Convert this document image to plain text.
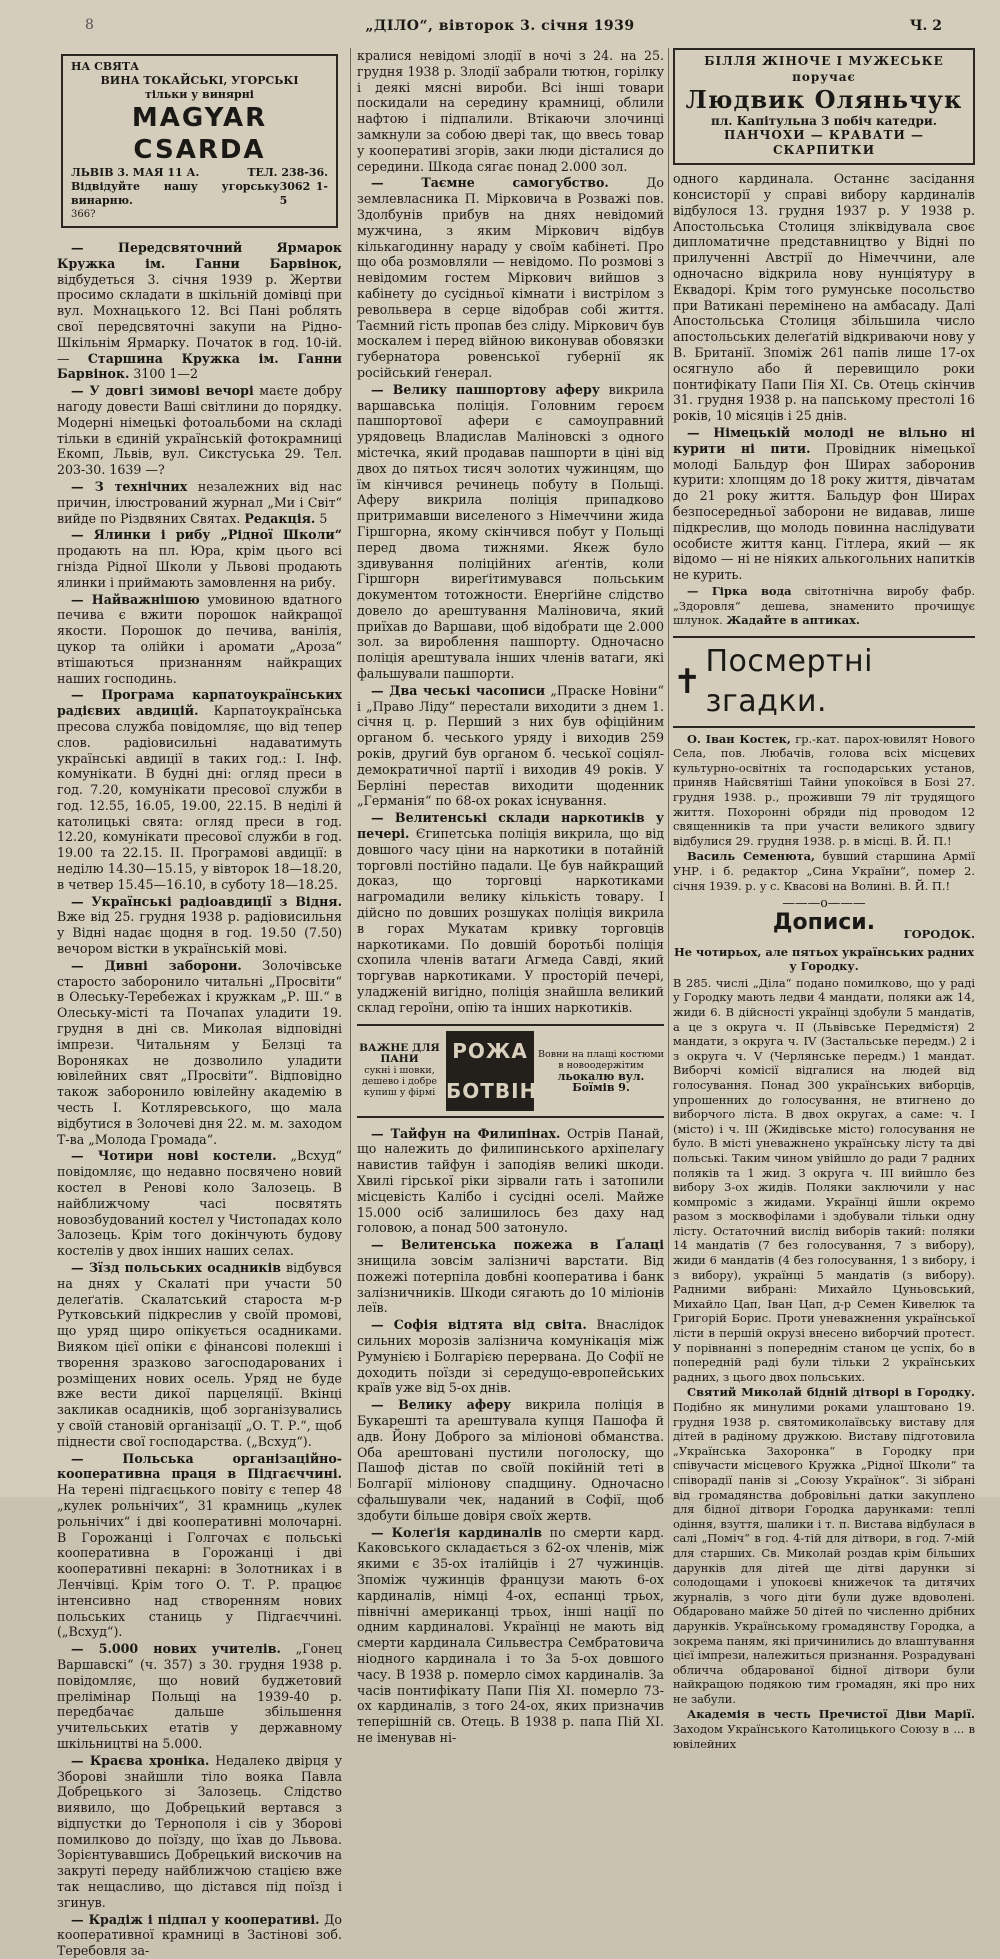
8	„ДІЛО“, вівторок 3. січня 1939	Ч. 2
НА СВЯТА
ВИНА ТОКАЙСЬКІ, УГОРСЬКІ
тільки у винярні
MAGYAR CSARDA
ЛЬВІВ 3. МАЯ 11 А.	ТЕЛ. 238-36.
Відвідуйте нашу угорську винарню.
3062 1-5
366?

— Передсвяточний Ярмарок Кружка ім. Ганни Барвінок, відбудеться 3. січня 1939 р. Жертви просимо складати в шкільній домівці при вул. Мохнацького 12. Всі Пані роблять свої передсвяточні закупи на Рідно-Шкільнім Ярмарку. Початок в год. 10-ій. — Старшина Кружка ім. Ганни Барвінок. 3100 1—2

— У довгі зимові вечорі маєте добру нагоду довести Ваші світлини до порядку. Модерні німецькі фотоальбоми на складі тільки в єдиній українській фотокрамниці Екомп, Львів, вул. Сикстуська 29. Тел. 203-30. 1639 —?

— З технічних незалежних від нас причин, ілюстрований журнал „Ми і Світ“ вийде по Різдвяних Святах. Редакція. 5

— Ялинки і рибу „Рідної Школи“ продають на пл. Юра, крім цього всі гнізда Рідної Школи у Львові продають ялинки і приймають замовлення на рибу.

— Найважнішою умовиною вдатного печива є вжити порошок найкращої якости. Порошок до печива, ванілія, цукор та олійки і аромати „Ароза“ втішаються признанням найкращих наших господинь.

— Програма карпатоукраїнських радієвих авдицій. Карпатоукраїнська пресова служба повідомляє, що від тепер слов. радіовисильні надаватимуть українські авдиції в таких год.: І. Інф. комунікати. В будні дні: огляд преси в год. 7.20, комунікати пресової служби в год. 12.55, 16.05, 19.00, 22.15. В неділі й католицькі свята: огляд преси в год. 12.20, комунікати пресової служби в год. 19.00 та 22.15. ІІ. Програмові авдиції: в неділю 14.30—15.15, у вівторок 18—18.20, в четвер 15.45—16.10, в суботу 18—18.25.

— Українські радіоавдиції з Відня. Вже від 25. грудня 1938 р. радіовисильня у Відні надає щодня в год. 19.50 (7.50) вечором вістки в українській мові.

— Дивні заборони. Золочівське старосто заборонило читальні „Просвіти“ в Олеську-Теребежах і кружкам „Р. Ш.“ в Олеську-місті та Почапах уладити 19. грудня в дні св. Миколая відповідні імпрези. Читальням у Белзці та Вороняках не дозволило уладити ювілейних свят „Просвіти“. Відповідно також заборонило ювілейну академію в честь І. Котляревського, що мала відбутися в Золочеві дня 22. м. м. заходом Т-ва „Молода Громада“.

— Чотири нові костели. „Всхуд“ повідомляє, що недавно посвячено новий костел в Ренові коло Залозець. В найближчому часі посвятять новозбудований костел у Чистопадах коло Залозець. Крім того докінчують будову костелів у двох інших наших селах.

— Зїзд польських осадників відбувся на днях у Скалаті при участи 50 делеґатів. Скалатський староста м-р Рутковський підкреслив у своїй промові, що уряд щиро опікується осадниками. Вияком цієї опіки є фінансові полекші і творення зразково загосподарованих і розміщених нових осель. Уряд не буде вже вести дикої парцеляції. Вкінці закликав осадників, щоб зорганізувались у своїй становій організації „О. Т. Р.“, щоб піднести свої господарства. („Всхуд“).

— Польська організаційно-кооперативна праця в Підгаєччині. На терені підгаєцького повіту є тепер 48 „кулек рольнічих“, 31 крамниць „кулек рольнічих“ і дві кооперативні молочарні. В Горожанці і Голгочах є польські кооперативна в Горожанці і дві кооперативні пекарні: в Золотниках і в Ленчівці. Крім того О. Т. Р. працює інтенсивно над створенням нових польських станиць у Підгаєччині. („Всхуд“).

— 5.000 нових учителів. „Гонец Варшавскі“ (ч. 357) з 30. грудня 1938 р. повідомляє, що новий буджетовий прелімінар Польщі на 1939-40 р. передбачає дальше збільшення учительських етатів у державному шкільництві на 5.000.

— Краєва хроніка. Недалеко двірця у Зборові знайшли тіло вояка Павла Добрецького зі Залозець. Слідство виявило, що Добрецький вертався з відпустки до Тернополя і сів у Зборові помилково до поїзду, що їхав до Львова. Зорієнтувавшись Добрецький вискочив на закруті переду найближчою стацією вже так нещасливо, що дістався під поїзд і згинув.

— Крадіж і підпал у кооперативі. До кооперативної крамниці в Застінові зоб. Теребовля за-

кралися невідомі злодії в ночі з 24. на 25. грудня 1938 р. Злодії забрали тютюн, горілку і деякі мясні вироби. Всі інші товари поскидали на середину крамниці, облили нафтою і підпалили. Втікаючи злочинці замкнули за собою двері так, що ввесь товар у кооперативі згорів, заки люди дісталися до середини. Шкода сягає понад 2.000 зол.

— Таємне самогубство. До землевласника П. Мірковича в Розважі пов. Здолбунів прибув на днях невідомий мужчина, з яким Міркович відбув кількагодинну нараду у своїм кабінеті. Про що оба розмовляли — невідомо. По розмові з невідомим гостем Міркович вийшов з кабінету до сусідньої кімнати і вистрілом з револьвера в серце відобрав собі життя. Таємний гість пропав без сліду. Міркович був москалем і перед війною виконував обовязки губернатора ровенської губернії як російський ґенерал.

— Велику пашпортову аферу викрила варшавська поліція. Головним героєм пашпортової афери є самоуправний урядовець Владислав Маліновскі з одного містечка, який продавав пашпорти в ціні від двох до пятьох тисяч золотих чужинцям, що їм кінчився речинець побуту в Польщі. Аферу викрила поліція припадково притримавши виселеного з Німеччини жида Гіршгорна, якому скінчився побут у Польщі перед двома тижнями. Якеж було здивування поліційних аґентів, коли Гіршгорн виреґітимувався польським документом тотожности. Енерґійне слідство довело до арештування Маліновича, який приїхав до Варшави, щоб відобрати ще 2.000 зол. за вироблення пашпорту. Одночасно поліція арештувала інших членів ватаги, які фальшували пашпорти.

— Два чеські часописи „Праске Новіни“ і „Право Ліду“ перестали виходити з днем 1. січня ц. р. Перший з них був офіційним органом б. чеського уряду і виходив 259 років, другий був органом б. чеської соціял-демократичної партії і виходив 49 років. У Берліні перестав виходити щоденник „Германія“ по 68-ох роках існування.

— Велитенські склади наркотиків у печері. Єгипетська поліція викрила, що від довшого часу ціни на наркотики в потайній торговлі постійно падали. Це був найкращий доказ, що торговці наркотиками нагромадили велику кількість товару. І дійсно по довших розшуках поліція викрила в горах Мукатам кривку торговців наркотиками. По довшій боротьбі поліція схопила членів ватаги Агмеда Савді, який торгував наркотиками. У просторій печері, уладженій вигідно, поліція знайшла великий склад героїни, опію та інших наркотиків.

ВАЖНЕ ДЛЯ ПАНИ
сукні і шовки, дешево і добре купиш у фірмі
РОЖА БОТВІН
Вовни на плащі костюми в новоодержітим
льокалю вул. Боїмів 9.

— Тайфун на Филипінах. Острів Панай, що належить до филипинського архіпелагу навистив тайфун і заподіяв великі шкоди. Хвилі гірської ріки зірвали гать і затопили місцевість Калібо і сусідні оселі. Майже 15.000 осіб залишилось без даху над головою, а понад 500 затонуло.

— Велитенська пожежа в Ґалаці знищила зовсім залізничі варстати. Від пожежі потерпіла довбні кооператива і банк залізничників. Шкоди сягають до 10 міліонів леїв.

— Софія відтята від світа. Внаслідок сильних морозів залізнича комунікація між Румунією і Болгарією перервана. До Софії не доходить поїзди зі середущо-европейських країв уже від 5-ох днів.

— Велику аферу викрила поліція в Букарешті та арештувала купця Пашофа й адв. Йону Доброго за міліонові обманства. Оба арештовані пустили поголоску, що Пашоф дістав по своїй покійній теті в Болгарії міліонову спадщину. Одночасно сфальшували чек, наданий в Софії, щоб здобути більше довіря своїх жертв.

— Колеґія кардиналів по смерти кард. Каковського складається з 62-ох членів, між якими є 35-ох італійців і 27 чужинців. Зпоміж чужинців французи мають 6-ох кардиналів, німці 4-ох, еспанці трьох, північні американці трьох, інші нації по одним кардиналові. Українці не мають від смерти кардинала Сильвестра Сембратовича ніодного кардинала і то 3а 5-ох довшого часу. В 1938 р. померло сімох кардиналів. За часів понтифікату Папи Пія XI. померло 73-ох кардиналів, з того 24-ох, яких призначив теперішній св. Отець. В 1938 р. папа Пій XI. не іменував ні-

БІЛЛЯ ЖІНОЧЕ І МУЖЕСЬКЕ поручає
Людвик Оляньчук
пл. Капітульна 3 побіч катедри.
ПАНЧОХИ — КРАВАТИ — СКАРПИТКИ

одного кардинала. Останнє засідання консисторії у справі вибору кардиналів відбулося 13. грудня 1937 р. У 1938 р. Апостольська Столиця зліквідувала своє дипломатичне представництво у Відні по прилученні Австрії до Німеччини, але одночасно відкрила нову нунціятуру в Еквадорі. Крім того румунське посольство при Ватикані перемінено на амбасаду. Далі Апостольська Столиця збільшила число апостольських делеґатій відкриваючи нову у В. Британії. Зпоміж 261 папів лише 17-ох осягнуло або й перевищило роки понтифікату Папи Пія XI. Св. Отець скінчив 31. грудня 1938 р. на папському престолі 16 років, 10 місяців і 25 днів.

— Німецькій молоді не вільно ні курити ні пити. Провідник німецької молоді Бальдур фон Ширах заборонив курити: хлопцям до 18 року життя, дівчатам до 21 року життя. Бальдур фон Ширах безпосередньої заборони не видавав, лише підкреслив, що молодь повинна наслідувати особисте життя канц. Гітлера, який — як відомо — ні не ніяких алькогольних напитків не курить.

— Гірка вода світотнічна виробу фабр. „Здоровля“ дешева, знаменито прочищує шлунок. Жадайте в аптиках.

✝
Посмертні згадки.

О. Іван Костек, гр.-кат. парох-ювилят Нового Села, пов. Любачів, голова всіх місцевих культурно-освітніх та господарських установ, приняв Найсвятіші Тайни упокоївся в Бозі 27. грудня 1938. р., проживши 79 літ трудящого життя. Похоронні обряди під проводом 12 священників та при участи великого здвигу відбулися 29. грудня 1938. р. в місці. В. Й. П.!

Василь Семенюта, бувший старшина Армії УНР. і б. редактор „Сина України“, помер 2. січня 1939. р. у с. Квасові на Волині. В. Й. П.!

———o———
Дописи.	ГОРОДОК.
Не чотирьох, але пятьох українських радних у Городку.

В 285. числі „Діла“ подано помилково, що у раді у Городку мають ледви 4 мандати, поляки аж 14, жиди 6. В дійсності українці здобули 5 мандатів, а це з округа ч. II (Львівське Передмістя) 2 мандати, з округа ч. IV (Застальське передм.) 2 і з округа ч. V (Черлянське передм.) 1 мандат. Виборчі комісії відгалися на людей від голосування. Понад 300 українських виборців, упрошенних до голосування, не втигнено до виборчого ліста. В двох округах, а саме: ч. І (місто) і ч. ІІІ (Жидівське місто) голосування не було. В місті уневажнено українську лісту та дві польські. Таким чином увійшло до ради 7 радних поляків та 1 жид. З округа ч. ІІІ вийшло без вибору 3-ох жидів. Поляки заключили у нас компроміс з жидами. Українці йшли окремо разом з москвофілами і здобували тільки одну лісту. Остаточний вислід виборів такий: поляки 14 мандатів (7 без голосування, 7 з вибору), жиди 6 мандатів (4 без голосування, 1 з вибору, і з вибору), українці 5 мандатів (з вибору). Радними вибрані: Михайло Цуньовський, Михайло Цап, Іван Цап, д-р Семен Кивелюк та Григорій Борис. Проти уневажнення української лісти в першій окрузі внесено виборчий протест. У порівнанні з попереднім станом це успіх, бо в попередній раді були тільки 2 українських радних, з цього двох польських.

Святий Миколай бідній дітворі в Городку. Подібно як минулими роками улаштовано 19. грудня 1938 р. святомиколаївську виставу для дітей в радіному дружкою. Виставу підготовила „Українська Захоронка“ в Городку при співучасти місцевого Кружка „Рідної Школи“ та співорадії панів зі „Союзу Українок“. Зі зібрані від громадянства добровільні датки закуплено для бідної дітвори Городка дарунками: теплі одіння, взуття, шалики і т. п. Вистава відбулася в салі „Поміч“ в год. 4-тій для дітвори, в год. 7-мій для старших. Св. Миколай роздав крім більших дарунків для дітей ще дітві дарунки зі солодощами і упокоєві книжечок та дитячих журналів, з чого діти були дуже вдоволені. Обдаровано майже 50 дітей по численно дрібних дарунків. Українському громадянству Городка, а зокрема паням, які причинились до влаштування цієї імпрези, належиться признання. Розрадувані обличча обдарованої бідної дітвори були найкращою подякою тим громадян, які про них не забули.

Академія в честь Пречистої Діви Марії. Заходом Українського Католицького Союзу в ... в ювілейних
